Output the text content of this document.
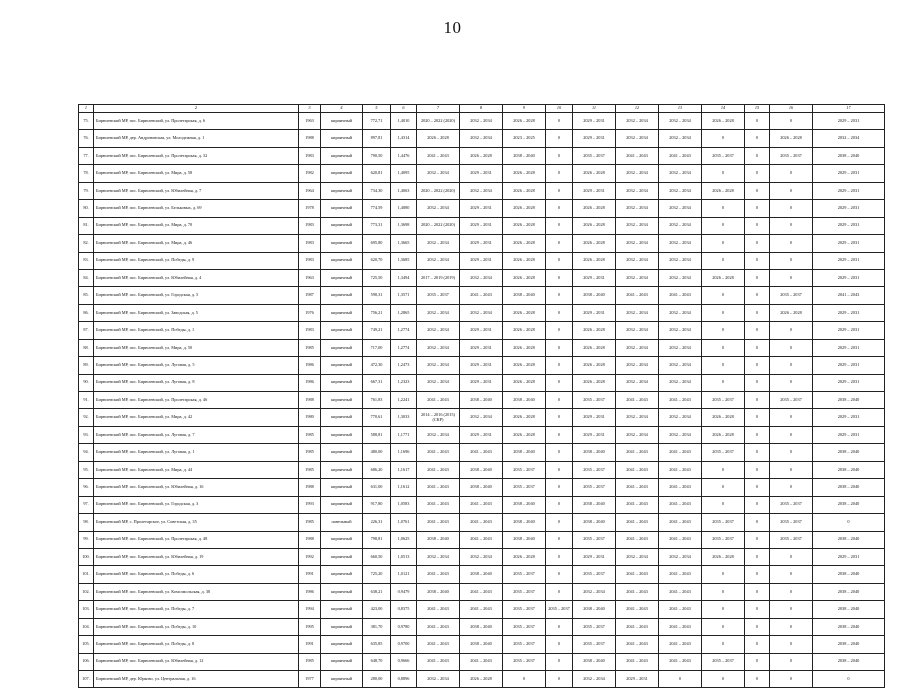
10
1	2	3	4	5	6	7	8	9	10	11	12	13	14	15	16	17
75.	Бирюлевский МР, пос. Бирюлевский, ул. Пролетарская, д. 6	1963	кирпичный	772,71	1,4010	2020 – 2022 (2020)	2032 – 2034	2026 – 2028	0	2029 – 2031	2032 – 2034	2032 – 2034	2026 – 2028	0	0	2029 – 2031
76.	Бирюлевский МР, дер. Андроновская, ул. Молодежная, д. 1	1988	кирпичный	897,81	1,4314	2026 – 2028	2032 – 2034	2023 – 2025	0	2029 – 2031	2032 – 2034	2032 – 2034	0	0	2026 – 2028	2032 – 2034
77.	Бирюлевский МР, пос. Бирюлевский, ул. Пролетарская, д. 32	1983	кирпичный	790,50	1,4476	2041 – 2043	2026 – 2028	2038 – 2040	0	2035 – 2037	2041 – 2043	2041 – 2043	2035 – 2037	0	2035 – 2037	2038 – 2040
78.	Бирюлевский МР, пос. Бирюлевский, ул. Мира, д. 58	1982	кирпичный	620,81	1,4095	2032 – 2034	2029 – 2031	2026 – 2028	0	2026 – 2028	2032 – 2034	2032 – 2034	0	0	0	2029 – 2031
79.	Бирюлевский МР, пос. Бирюлевский, ул. Юбилейная, д. 7	1964	кирпичный	734,30	1,4063	2020 – 2022 (2020)	2032 – 2034	2026 – 2028	0	2029 – 2031	2032 – 2034	2032 – 2034	2026 – 2028	0	0	2029 – 2031
80.	Бирюлевский МР, пос. Бирюлевский, ул. Бельковых, д. 69	1978	кирпичный	774,59	1,4080	2032 – 2034	2029 – 2031	2026 – 2028	0	2026 – 2028	2032 – 2034	2032 – 2034	0	0	0	2029 – 2031
81.	Бирюлевский МР, пос. Бирюлевский, ул. Мира, д. 70	1983	кирпичный	773,31	1,3698	2020 – 2022 (2020)	2029 – 2031	2026 – 2028	0	2026 – 2028	2032 – 2034	2032 – 2034	0	0	0	2029 – 2031
82.	Бирюлевский МР, пос. Бирюлевский, ул. Мира, д. 46	1983	кирпичный	695,80	1,3665	2032 – 2034	2029 – 2031	2026 – 2028	0	2026 – 2028	2032 – 2034	2032 – 2034	0	0	0	2029 – 2031
83.	Бирюлевский МР, пос. Бирюлевский, ул. Победы, д. 9	1983	кирпичный	620,70	1,3685	2032 – 2034	2029 – 2031	2026 – 2028	0	2026 – 2028	2032 – 2034	2032 – 2034	0	0	0	2029 – 2031
84.	Бирюлевский МР, пос. Бирюлевский, ул. Юбилейная, д. 4	1963	кирпичный	725,50	1,3494	2017 – 2019 (2019)	2032 – 2034	2026 – 2028	0	2029 – 2031	2032 – 2034	2032 – 2034	2026 – 2028	0	0	2029 – 2031
85.	Бирюлевский МР, пос. Бирюлевский, ул. Городская, д. 5	1987	кирпичный	598,31	1,3571	2035 – 2037	2041 – 2043	2038 – 2040	0	2038 – 2040	2041 – 2043	2041 – 2043	0	0	2035 – 2037	2041 – 2043
86.	Бирюлевский МР, пос. Бирюлевский, ул. Заводская, д. 5	1976	кирпичный	756,21	1,2865	2032 – 2034	2032 – 2034	2026 – 2028	0	2029 – 2031	2032 – 2034	2032 – 2034	0	0	2026 – 2028	2029 – 2031
87.	Бирюлевский МР, пос. Бирюлевский, ул. Победы, д. 1	1983	кирпичный	749,21	1,2774	2032 – 2034	2029 – 2031	2026 – 2028	0	2026 – 2028	2032 – 2034	2032 – 2034	0	0	0	2029 – 2031
88.	Бирюлевский МР, пос. Бирюлевский, ул. Мира, д. 50	1985	кирпичный	717,00	1,2774	2032 – 2034	2029 – 2031	2026 – 2028	0	2026 – 2028	2032 – 2034	2032 – 2034	0	0	0	2029 – 2031
89.	Бирюлевский МР, пос. Бирюлевский, ул. Луговая, д. 5	1986	кирпичный	472,30	1,2473	2032 – 2034	2029 – 2031	2026 – 2028	0	2026 – 2028	2032 – 2034	2032 – 2034	0	0	0	2029 – 2031
90.	Бирюлевский МР, пос. Бирюлевский, ул. Луговая, д. 8	1986	кирпичный	667,31	1,2323	2032 – 2034	2029 – 2031	2026 – 2028	0	2026 – 2028	2032 – 2034	2032 – 2034	0	0	0	2029 – 2031
91.	Бирюлевский МР, пос. Бирюлевский, ул. Пролетарская, д. 46	1988	кирпичный	761,83	1,2241	2041 – 2043	2038 – 2040	2038 – 2040	0	2035 – 2037	2041 – 2043	2041 – 2043	2035 – 2037	0	2035 – 2037	2038 – 2040
92.	Бирюлевский МР, пос. Бирюлевский, ул. Мира, д. 42	1980	кирпичный	770,61	1,3033	2014 – 2016 (2015)(СКР)	2032 – 2034	2026 – 2028	0	2029 – 2031	2032 – 2034	2032 – 2034	2026 – 2028	0	0	2029 – 2031
93.	Бирюлевский МР, пос. Бирюлевский, ул. Луговая, д. 7	1985	кирпичный	588,81	1,1771	2032 – 2034	2029 – 2031	2026 – 2028	0	2029 – 2031	2032 – 2034	2032 – 2034	2026 – 2028	0	0	2029 – 2031
94.	Бирюлевский МР, пос. Бирюлевский, ул. Луговая, д. 1	1985	кирпичный	480,00	1,1696	2041 – 2043	2041 – 2043	2038 – 2040	0	2038 – 2040	2041 – 2043	2041 – 2043	2035 – 2037	0	0	2038 – 2040
95.	Бирюлевский МР, пос. Бирюлевский, ул. Мира, д. 44	1985	кирпичный	686,20	1,1617	2041 – 2043	2038 – 2040	2035 – 2037	0	2035 – 2037	2041 – 2043	2041 – 2043	0	0	0	2038 – 2040
96.	Бирюлевский МР, пос. Бирюлевский, ул. Юбилейная, д. 16	1988	кирпичный	631,00	1,1612	2041 – 2043	2038 – 2040	2035 – 2037	0	2035 – 2037	2041 – 2043	2041 – 2043	0	0	0	2038 – 2040
97.	Бирюлевский МР, пос. Бирюлевский, ул. Городская, д. 3	1993	кирпичный	917,80	1,0583	2041 – 2043	2041 – 2043	2038 – 2040	0	2038 – 2040	2041 – 2043	2041 – 2043	0	0	2035 – 2037	2038 – 2040
98.	Бирюлевский МР, с. Пролетарское, ул. Советская, д. 35	1985	панельный	226,31	1,0761	2041 – 2043	2041 – 2043	2038 – 2040	0	2038 – 2040	2041 – 2043	2041 – 2043	2035 – 2037	0	2035 – 2037	0
99.	Бирюлевский МР, пос. Бирюлевский, ул. Пролетарская, д. 48	1988	кирпичный	798,81	1,0625	2038 – 2040	2041 – 2043	2038 – 2040	0	2035 – 2037	2041 – 2043	2041 – 2043	2035 – 2037	0	2035 – 2037	2038 – 2040
100.	Бирюлевский МР, пос. Бирюлевский, ул. Юбилейная, д. 19	1992	кирпичный	660,50	1,0513	2032 – 2034	2032 – 2034	2026 – 2028	0	2029 – 2031	2032 – 2034	2032 – 2034	2026 – 2028	0	0	2029 – 2031
101.	Бирюлевский МР, пос. Бирюлевский, ул. Победы, д. 6	1991	кирпичный	725,20	1,0121	2041 – 2043	2038 – 2040	2035 – 2037	0	2035 – 2037	2041 – 2043	2041 – 2043	0	0	0	2038 – 2040
102.	Бирюлевский МР, пос. Бирюлевский, ул. Комсомольская, д. 38	1986	кирпичный	638,21	0,9479	2038 – 2040	2041 – 2043	2035 – 2037	0	2032 – 2034	2041 – 2043	2041 – 2043	0	0	0	2038 – 2040
103.	Бирюлевский МР, пос. Бирюлевский, ул. Победы, д. 7	1994	кирпичный	423,00	0,8375	2041 – 2043	2041 – 2043	2035 – 2037	2035 – 2037	2038 – 2040	2041 – 2043	2041 – 2043	0	0	0	2038 – 2040
104.	Бирюлевский МР, пос. Бирюлевский, ул. Победы, д. 10	1995	кирпичный	381,70	0,9780	2041 – 2043	2038 – 2040	2035 – 2037	0	2035 – 2037	2041 – 2043	2041 – 2043	0	0	0	2038 – 2040
105.	Бирюлевский МР, пос. Бирюлевский, ул. Победы, д. 8	1991	кирпичный	635,85	0,9700	2041 – 2043	2038 – 2040	2035 – 2037	0	2035 – 2037	2041 – 2043	2041 – 2043	0	0	0	2038 – 2040
106.	Бирюлевский МР, пос. Бирюлевский, ул. Юбилейная, д. 12	1985	кирпичный	648,70	0,9666	2041 – 2043	2041 – 2043	2035 – 2037	0	2038 – 2040	2041 – 2043	2041 – 2043	2035 – 2037	0	0	2038 – 2040
107.	Бирюлевский МР, дер. Юрково, ул. Центральная, д. 16	1977	кирпичный	280,00	0,8896	2032 – 2034	2026 – 2028	0	0	2032 – 2034	2029 – 2031	0	0	0	0	0
